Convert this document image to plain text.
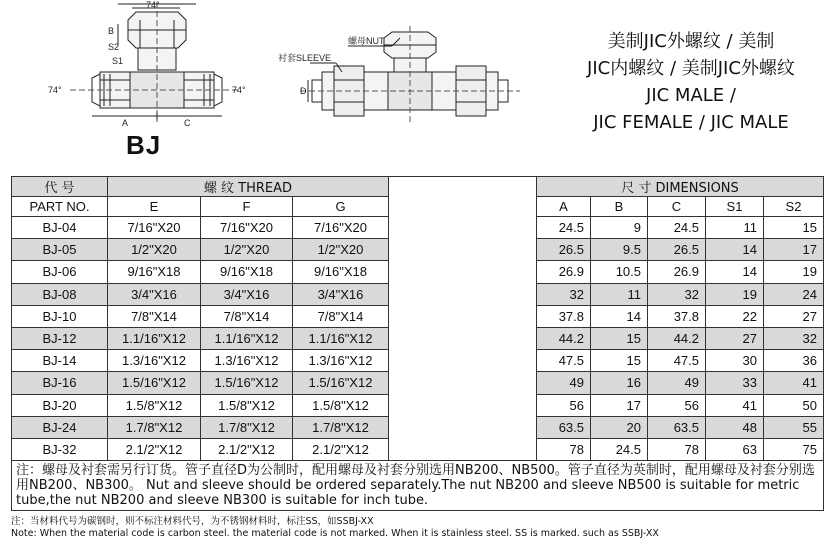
74°
74°	74°
B
S2
S1
A	C
螺母NUT
衬套SLEEVE
D
BJ
美制JIC外螺纹 / 美制
JIC内螺纹 / 美制JIC外螺纹
JIC MALE /
JIC FEMALE / JIC MALE
代 号	螺 纹 THREAD				尺 寸 DIMENSIONS				
PART NO.	E	F	G		A	B	C	S1	S2
BJ-04	7/16"X20	7/16"X20	7/16"X20		24.5	9	24.5	11	15
BJ-05	1/2"X20	1/2"X20	1/2"X20		26.5	9.5	26.5	14	17
BJ-06	9/16"X18	9/16"X18	9/16"X18		26.9	10.5	26.9	14	19
BJ-08	3/4"X16	3/4"X16	3/4"X16		32	11	32	19	24
BJ-10	7/8"X14	7/8"X14	7/8"X14		37.8	14	37.8	22	27
BJ-12	1.1/16"X12	1.1/16"X12	1.1/16"X12		44.2	15	44.2	27	32
BJ-14	1.3/16"X12	1.3/16"X12	1.3/16"X12		47.5	15	47.5	30	36
BJ-16	1.5/16"X12	1.5/16"X12	1.5/16"X12		49	16	49	33	41
BJ-20	1.5/8"X12	1.5/8"X12	1.5/8"X12		56	17	56	41	50
BJ-24	1.7/8"X12	1.7/8"X12	1.7/8"X12		63.5	20	63.5	48	55
BJ-32	2.1/2"X12	2.1/2"X12	2.1/2"X12		78	24.5	78	63	75
注：螺母及衬套需另行订货。管子直径D为公制时，配用螺母及衬套分别选用NB200、NB500。管子直径为英制时，配用螺母及衬套分别选用NB200、NB300。 Nut and sleeve should be ordered separately.The nut NB200 and sleeve NB500 is suitable for metric tube,the nut NB200 and sleeve NB300 is suitable for inch tube.									
注：当材料代号为碳钢时，则不标注材料代号，为不锈钢材料时，标注SS，如SSBJ-XX
Note: When the material code is carbon steel. the material code is not marked. When it is stainless steel. SS is marked. such as SSBJ-XX
